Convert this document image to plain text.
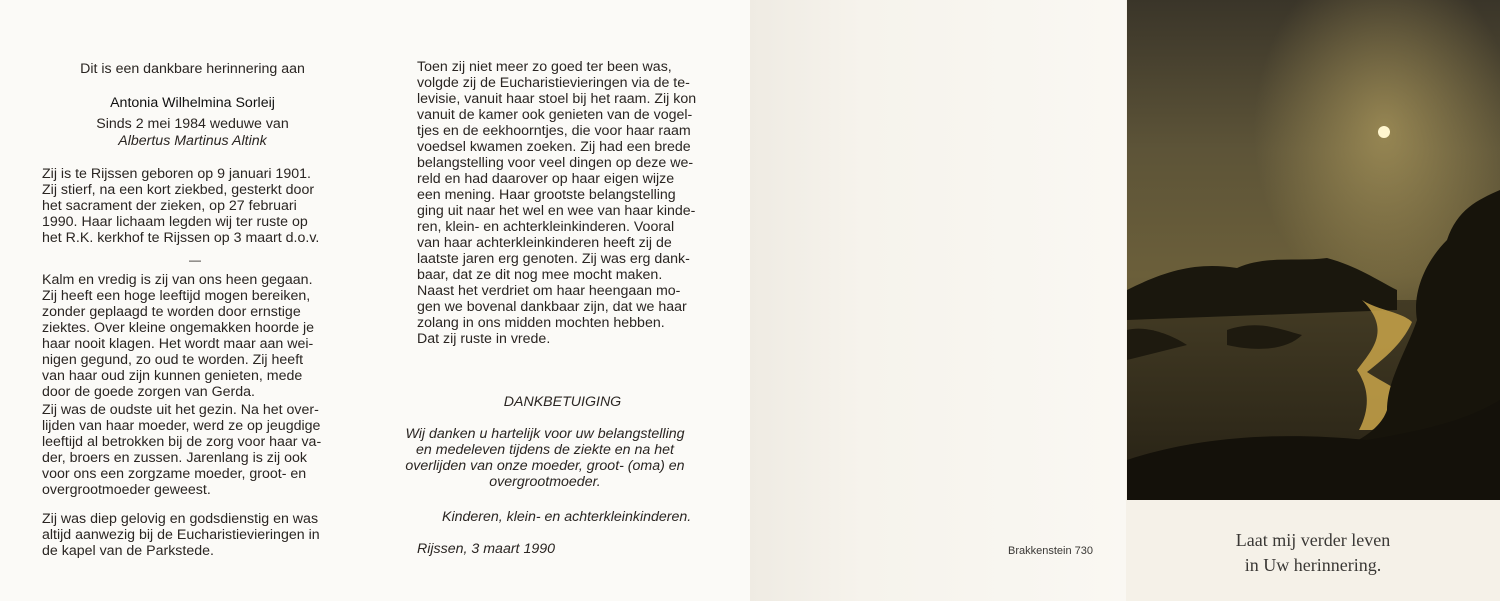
Dit is een dankbare herinnering aan

Antonia Wilhelmina Sorleij

Sinds 2 mei 1984 weduwe van

Albertus Martinus Altink

Zij is te Rijssen geboren op 9 januari 1901.

Zij stierf, na een kort ziekbed, gesterkt door

het sacrament der zieken, op 27 februari

1990. Haar lichaam legden wij ter ruste op

het R.K. kerkhof te Rijssen op 3 maart d.o.v.

—

Kalm en vredig is zij van ons heen gegaan.

Zij heeft een hoge leeftijd mogen bereiken,

zonder geplaagd te worden door ernstige

ziektes. Over kleine ongemakken hoorde je

haar nooit klagen. Het wordt maar aan wei-

nigen gegund, zo oud te worden. Zij heeft

van haar oud zijn kunnen genieten, mede

door de goede zorgen van Gerda.

Zij was de oudste uit het gezin. Na het over-

lijden van haar moeder, werd ze op jeugdige

leeftijd al betrokken bij de zorg voor haar va-

der, broers en zussen. Jarenlang is zij ook

voor ons een zorgzame moeder, groot- en

overgrootmoeder geweest.

Zij was diep gelovig en godsdienstig en was

altijd aanwezig bij de Eucharistievieringen in

de kapel van de Parkstede.

Toen zij niet meer zo goed ter been was,

volgde zij de Eucharistievieringen via de te-

levisie, vanuit haar stoel bij het raam. Zij kon

vanuit de kamer ook genieten van de vogel-

tjes en de eekhoorntjes, die voor haar raam

voedsel kwamen zoeken. Zij had een brede

belangstelling voor veel dingen op deze we-

reld en had daarover op haar eigen wijze

een mening. Haar grootste belangstelling

ging uit naar het wel en wee van haar kinde-

ren, klein- en achterkleinkinderen. Vooral

van haar achterkleinkinderen heeft zij de

laatste jaren erg genoten. Zij was erg dank-

baar, dat ze dit nog mee mocht maken.

Naast het verdriet om haar heengaan mo-

gen we bovenal dankbaar zijn, dat we haar

zolang in ons midden mochten hebben.

Dat zij ruste in vrede.

DANKBETUIGING

Wij danken u hartelijk voor uw belangstelling

en medeleven tijdens de ziekte en na het

overlijden van onze moeder, groot- (oma) en

overgrootmoeder.

Kinderen, klein- en achterkleinkinderen.

Rijssen, 3 maart 1990	Brakkenstein 730

Laat mij verder leven

in Uw herinnering.
